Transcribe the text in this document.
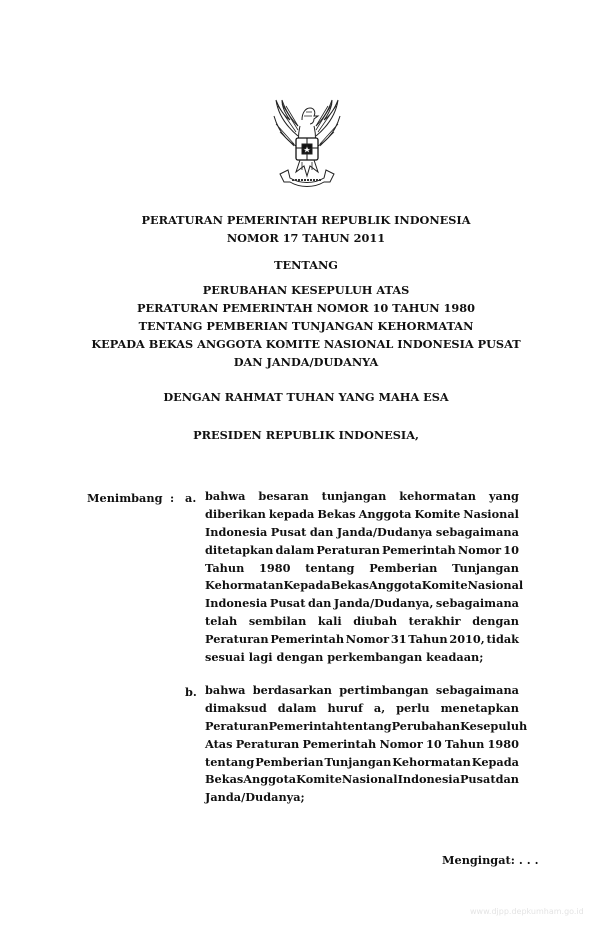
PERATURAN PEMERINTAH REPUBLIK INDONESIA
NOMOR 17 TAHUN 2011
TENTANG
PERUBAHAN KESEPULUH ATAS
PERATURAN PEMERINTAH NOMOR 10 TAHUN 1980
TENTANG PEMBERIAN TUNJANGAN KEHORMATAN
KEPADA BEKAS ANGGOTA KOMITE NASIONAL INDONESIA PUSAT
DAN JANDA/DUDANYA
DENGAN RAHMAT TUHAN YANG MAHA ESA
PRESIDEN REPUBLIK INDONESIA,
Menimbang : a. bahwa besaran tunjangan kehormatan yang
diberikan kepada Bekas Anggota Komite Nasional
Indonesia Pusat dan Janda/Dudanya sebagaimana
ditetapkan dalam Peraturan Pemerintah Nomor 10
Tahun 1980 tentang Pemberian Tunjangan
Kehormatan Kepada Bekas Anggota Komite Nasional
Indonesia Pusat dan Janda/Dudanya, sebagaimana
telah sembilan kali diubah terakhir dengan
Peraturan Pemerintah Nomor 31 Tahun 2010, tidak
sesuai lagi dengan perkembangan keadaan;
b. bahwa berdasarkan pertimbangan sebagaimana
dimaksud dalam huruf a, perlu menetapkan
Peraturan Pemerintah tentang Perubahan Kesepuluh
Atas Peraturan Pemerintah Nomor 10 Tahun 1980
tentang Pemberian Tunjangan Kehormatan Kepada
Bekas Anggota Komite Nasional Indonesia Pusat dan
Janda/Dudanya;
Mengingat: . . .
www.djpp.depkumham.go.id
